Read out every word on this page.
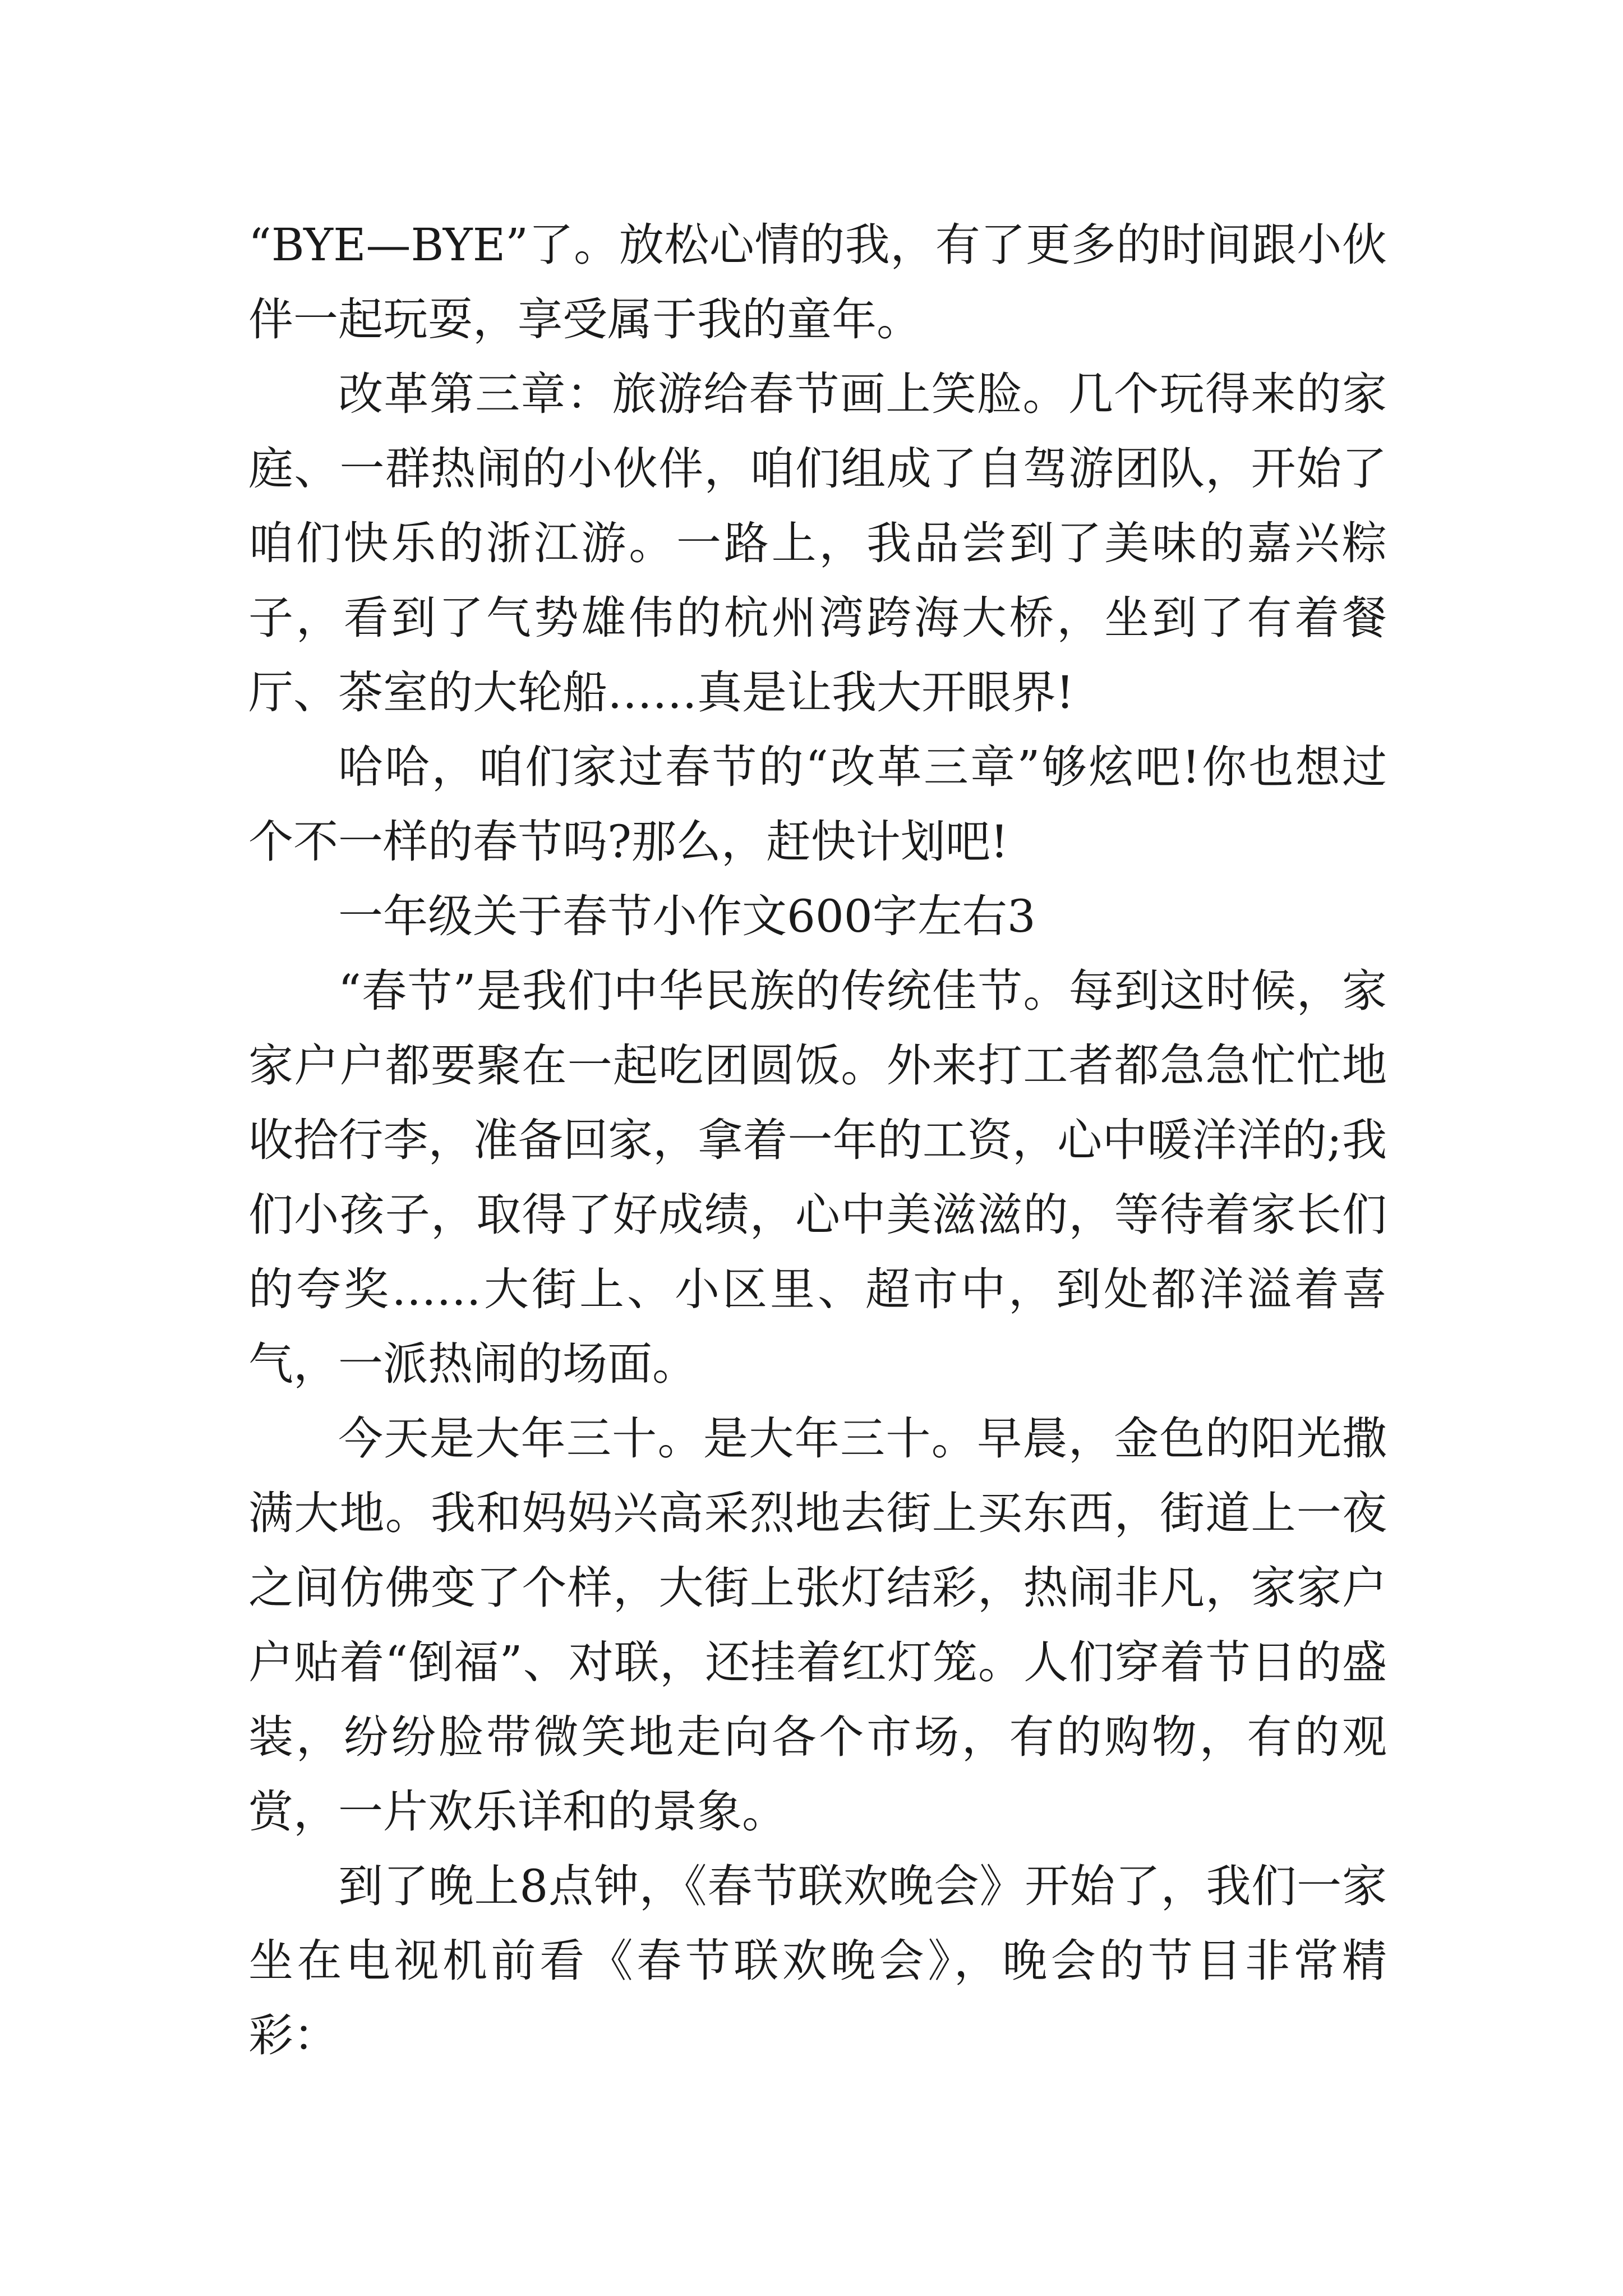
“BYE—BYE”了。放松心情的我，有了更多的时间跟小伙伴一起玩耍，享受属于我的童年。

改革第三章：旅游给春节画上笑脸。几个玩得来的家庭、一群热闹的小伙伴，咱们组成了自驾游团队，开始了咱们快乐的浙江游。一路上，我品尝到了美味的嘉兴粽子，看到了气势雄伟的杭州湾跨海大桥，坐到了有着餐厅、茶室的大轮船……真是让我大开眼界!

哈哈，咱们家过春节的“改革三章”够炫吧!你也想过个不一样的春节吗?那么，赶快计划吧!

一年级关于春节小作文600字左右3

“春节”是我们中华民族的传统佳节。每到这时候，家家户户都要聚在一起吃团圆饭。外来打工者都急急忙忙地收拾行李，准备回家，拿着一年的工资，心中暖洋洋的;我们小孩子，取得了好成绩，心中美滋滋的，等待着家长们的夸奖……大街上、小区里、超市中，到处都洋溢着喜气，一派热闹的场面。

今天是大年三十。是大年三十。早晨，金色的阳光撒满大地。我和妈妈兴高采烈地去街上买东西，街道上一夜之间仿佛变了个样，大街上张灯结彩，热闹非凡，家家户户贴着“倒福”、对联，还挂着红灯笼。人们穿着节日的盛装，纷纷脸带微笑地走向各个市场，有的购物，有的观赏，一片欢乐详和的景象。

到了晚上8点钟，《春节联欢晚会》开始了，我们一家坐在电视机前看《春节联欢晚会》，晚会的节目非常精彩：
